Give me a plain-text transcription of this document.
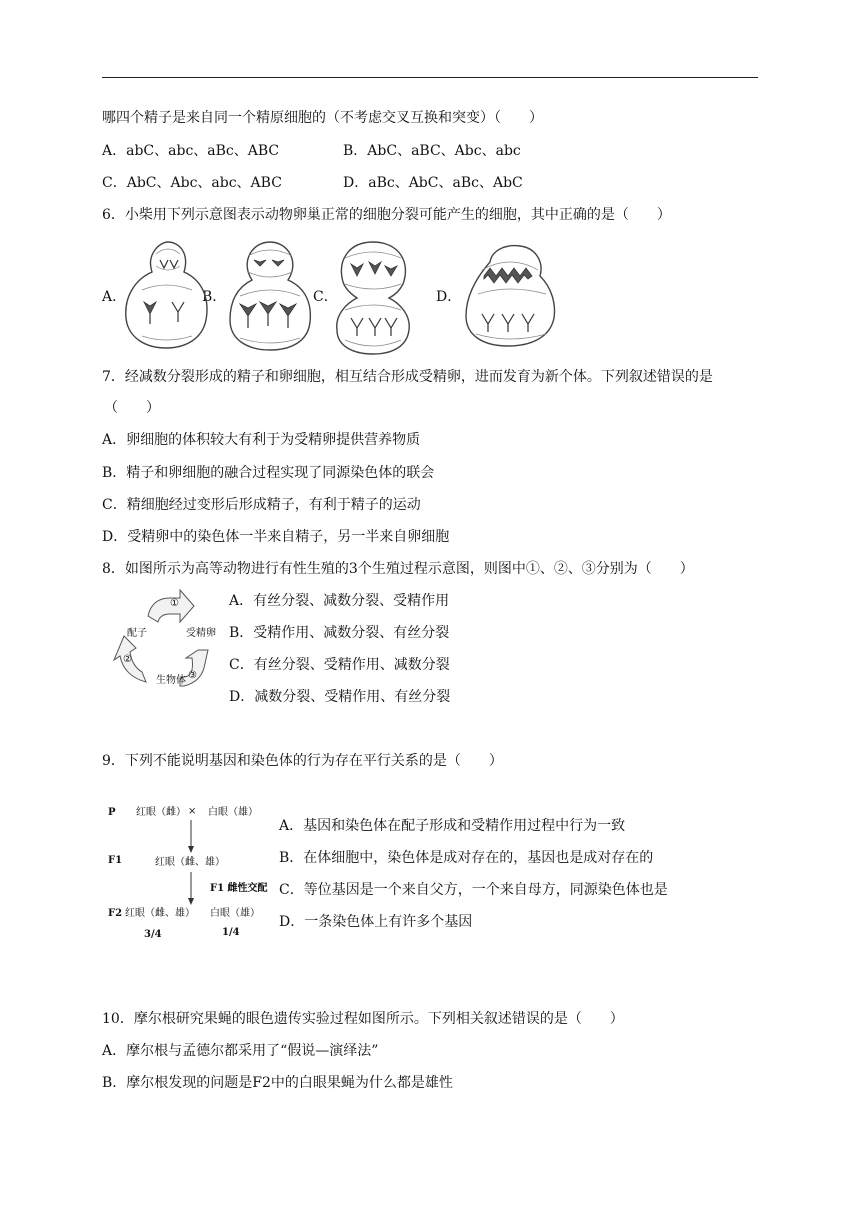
哪四个精子是来自同一个精原细胞的（不考虑交叉互换和突变）（　　）
A．abC、abc、aBc、ABC	B．AbC、aBC、Abc、abc
C．AbC、Abc、abc、ABC	D．aBc、AbC、aBc、AbC
6．小柴用下列示意图表示动物卵巢正常的细胞分裂可能产生的细胞，其中正确的是（　　）
A．	B．	C．	D．
7．经减数分裂形成的精子和卵细胞，相互结合形成受精卵，进而发育为新个体。下列叙述错误的是
（　　）
A．卵细胞的体积较大有利于为受精卵提供营养物质
B．精子和卵细胞的融合过程实现了同源染色体的联会
C．精细胞经过变形后形成精子，有利于精子的运动
D．受精卵中的染色体一半来自精子，另一半来自卵细胞
8．如图所示为高等动物进行有性生殖的3个生殖过程示意图，则图中①、②、③分别为（　　）
①
配子	受精卵
②
③
生物体
A．有丝分裂、减数分裂、受精作用
B．受精作用、减数分裂、有丝分裂
C．有丝分裂、受精作用、减数分裂
D．减数分裂、受精作用、有丝分裂
9．下列不能说明基因和染色体的行为存在平行关系的是（　　）
P 红眼（雌） × 白眼（雄）
F1	红眼（雌、雄）
F1 雌性交配
F2 红眼（雌、雄） 白眼（雄）
3/4	1/4
A．基因和染色体在配子形成和受精作用过程中行为一致
B．在体细胞中，染色体是成对存在的，基因也是成对存在的
C．等位基因是一个来自父方，一个来自母方，同源染色体也是
D．一条染色体上有许多个基因
10．摩尔根研究果蝇的眼色遗传实验过程如图所示。下列相关叙述错误的是（　　）
A．摩尔根与孟德尔都采用了“假说—演绎法”
B．摩尔根发现的问题是F2中的白眼果蝇为什么都是雄性
